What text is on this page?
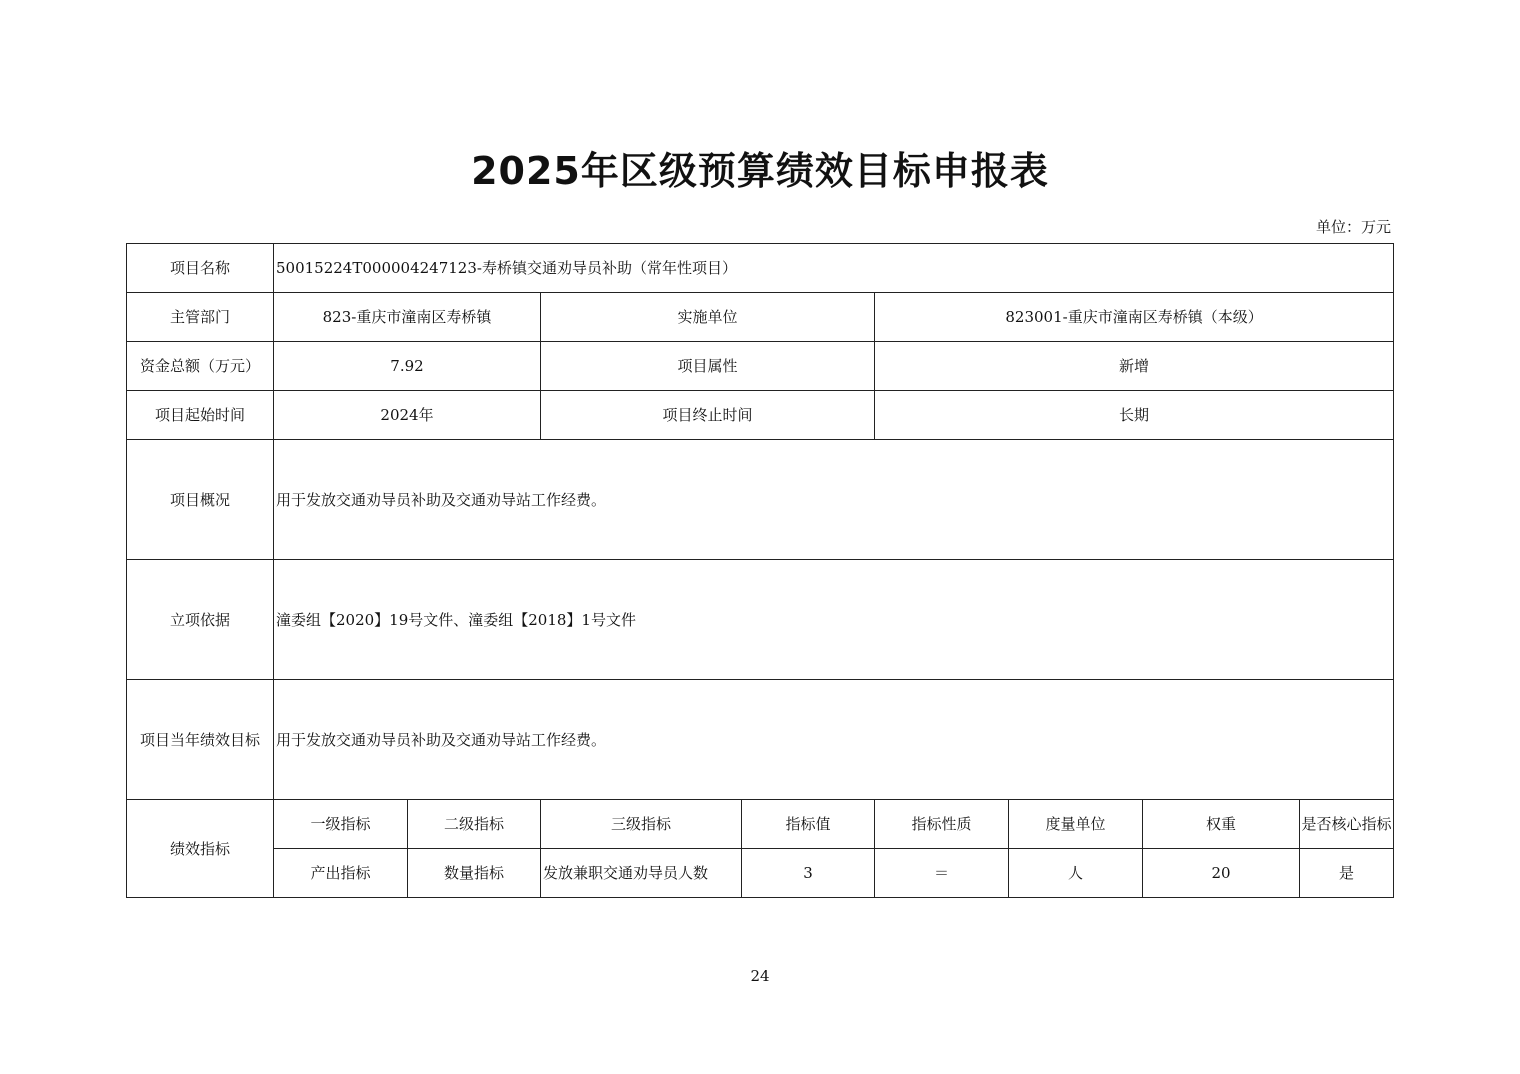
2025年区级预算绩效目标申报表
单位：万元
项目名称	50015224T000004247123-寿桥镇交通劝导员补助（常年性项目）							
主管部门	823-重庆市潼南区寿桥镇		实施单位		823001-重庆市潼南区寿桥镇（本级）			
资金总额（万元）	7.92		项目属性		新增			
项目起始时间	2024年		项目终止时间		长期			
项目概况	用于发放交通劝导员补助及交通劝导站工作经费。							
立项依据	潼委组【2020】19号文件、潼委组【2018】1号文件							
项目当年绩效目标	用于发放交通劝导员补助及交通劝导站工作经费。							
绩效指标	一级指标	二级指标	三级指标	指标值	指标性质	度量单位	权重	是否核心指标
	产出指标	数量指标	发放兼职交通劝导员人数	3	＝	人	20	是
24
